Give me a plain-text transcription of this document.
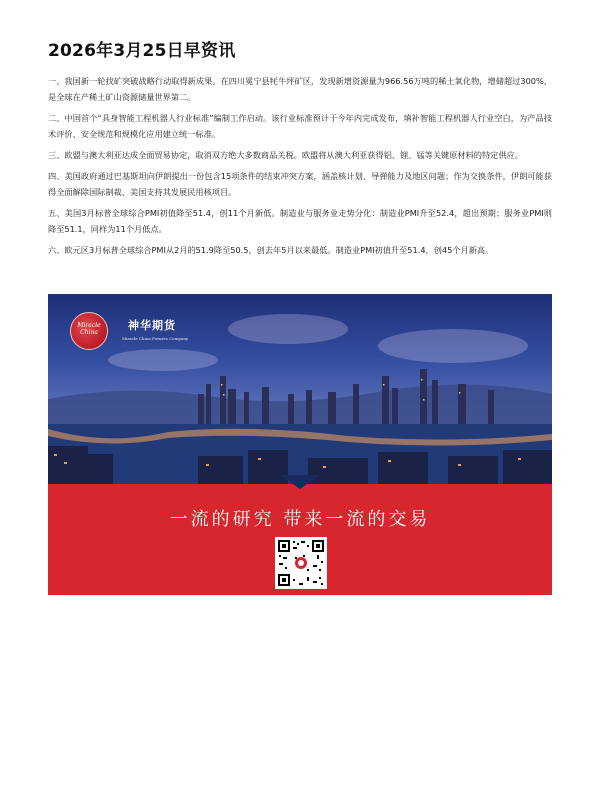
2026年3月25日早资讯

一、我国新一轮找矿突破战略行动取得新成果。在四川冕宁县牦牛坪矿区，发现新增资源量为966.56万吨的稀土氧化物，增储超过300%，是全球在产稀土矿山资源储量世界第二。

二、中国首个“具身智能工程机器人行业标准”编制工作启动。该行业标准预计于今年内完成发布，填补智能工程机器人行业空白，为产品技术评价、安全规范和规模化应用建立统一标准。

三、欧盟与澳大利亚达成全面贸易协定，取消双方绝大多数商品关税。欧盟将从澳大利亚获得铝、锂、锰等关键原材料的特定供应。

四、美国政府通过巴基斯坦向伊朗提出一份包含15项条件的结束冲突方案，涵盖核计划、导弹能力及地区问题；作为交换条件，伊朗可能获得全面解除国际制裁、美国支持其发展民用核项目。

五、美国3月标普全球综合PMI初值降至51.4，创11个月新低。制造业与服务业走势分化：制造业PMI升至52.4，超出预期；服务业PMI则降至51.1，同样为11个月低点。

六、欧元区3月标普全球综合PMI从2月的51.9降至50.5，创去年5月以来最低。制造业PMI初值升至51.4，创45个月新高。

Miracle
China
神华期货
Miracle China Futures Company
一流的研究 带来一流的交易
